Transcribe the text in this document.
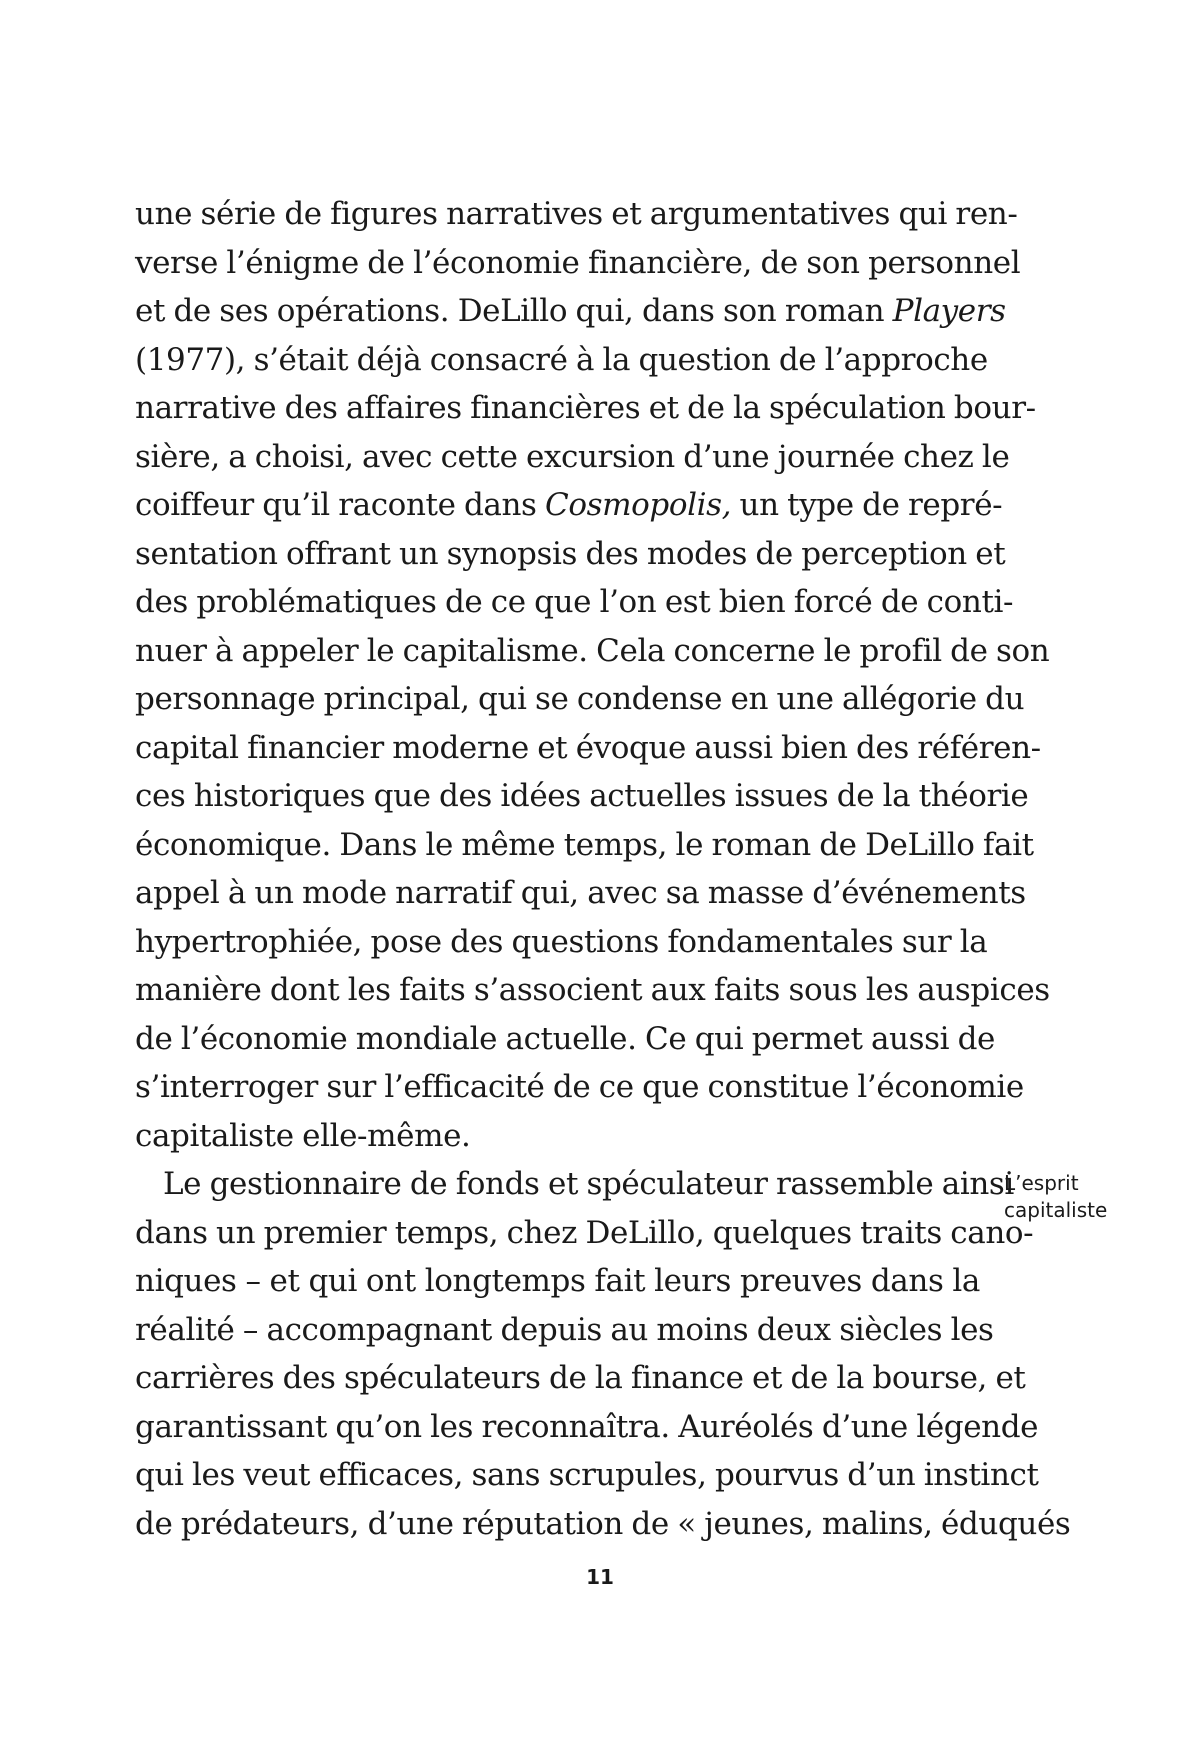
une série de figures narratives et argumentatives qui ren-
verse l’énigme de l’économie financière, de son personnel
et de ses opérations. DeLillo qui, dans son roman Players
(1977), s’était déjà consacré à la question de l’approche
narrative des affaires financières et de la spéculation bour-
sière, a choisi, avec cette excursion d’une journée chez le
coiffeur qu’il raconte dans Cosmopolis, un type de repré-
sentation offrant un synopsis des modes de perception et
des problématiques de ce que l’on est bien forcé de conti-
nuer à appeler le capitalisme. Cela concerne le profil de son
personnage principal, qui se condense en une allégorie du
capital financier moderne et évoque aussi bien des référen-
ces historiques que des idées actuelles issues de la théorie
économique. Dans le même temps, le roman de DeLillo fait
appel à un mode narratif qui, avec sa masse d’événements
hypertrophiée, pose des questions fondamentales sur la
manière dont les faits s’associent aux faits sous les auspices
de l’économie mondiale actuelle. Ce qui permet aussi de
s’interroger sur l’efficacité de ce que constitue l’économie
capitaliste elle-même.
Le gestionnaire de fonds et spéculateur rassemble ainsi
dans un premier temps, chez DeLillo, quelques traits cano-
niques – et qui ont longtemps fait leurs preuves dans la
réalité – accompagnant depuis au moins deux siècles les
carrières des spéculateurs de la finance et de la bourse, et
garantissant qu’on les reconnaîtra. Auréolés d’une légende
qui les veut efficaces, sans scrupules, pourvus d’un instinct
de prédateurs, d’une réputation de « jeunes, malins, éduqués
L’esprit
capitaliste
11
